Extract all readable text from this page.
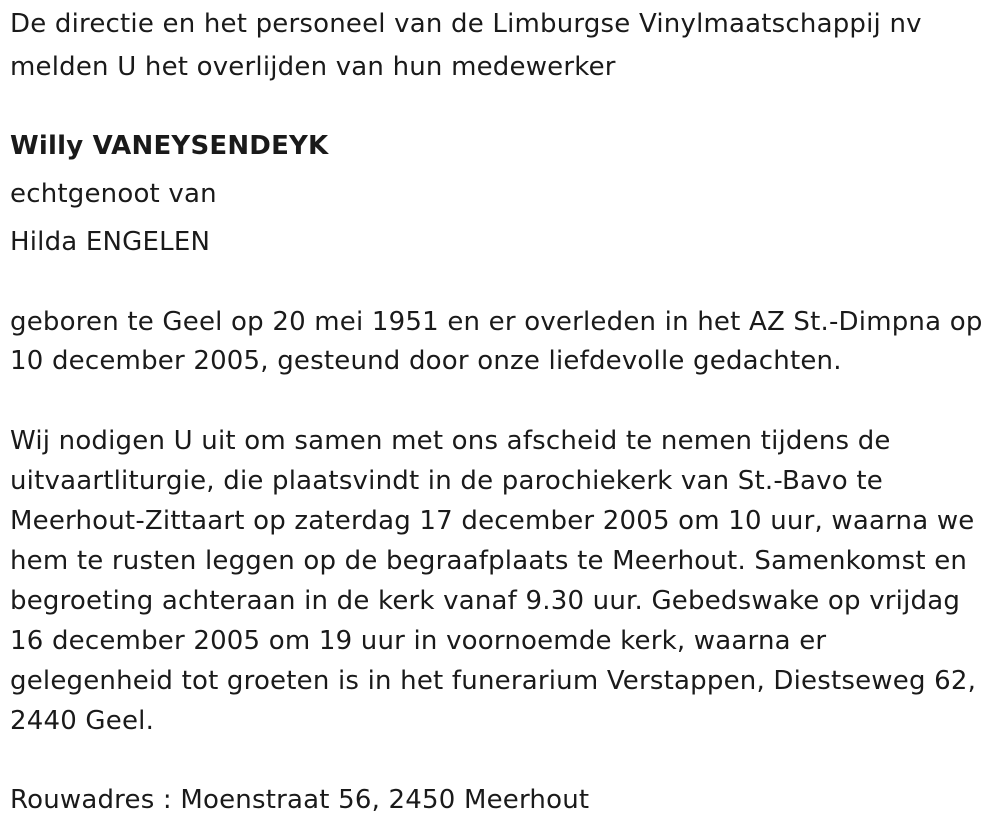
De directie en het personeel van de Limburgse Vinylmaatschappij nv
melden U het overlijden van hun medewerker
Willy VANEYSENDEYK
echtgenoot van
Hilda ENGELEN
geboren te Geel op 20 mei 1951 en er overleden in het AZ St.-Dimpna op
10 december 2005, gesteund door onze liefdevolle gedachten.
Wij nodigen U uit om samen met ons afscheid te nemen tijdens de
uitvaartliturgie, die plaatsvindt in de parochiekerk van St.-Bavo te
Meerhout-Zittaart op zaterdag 17 december 2005 om 10 uur, waarna we
hem te rusten leggen op de begraafplaats te Meerhout. Samenkomst en
begroeting achteraan in de kerk vanaf 9.30 uur. Gebedswake op vrijdag
16 december 2005 om 19 uur in voornoemde kerk, waarna er
gelegenheid tot groeten is in het funerarium Verstappen, Diestseweg 62,
2440 Geel.
Rouwadres : Moenstraat 56, 2450 Meerhout
